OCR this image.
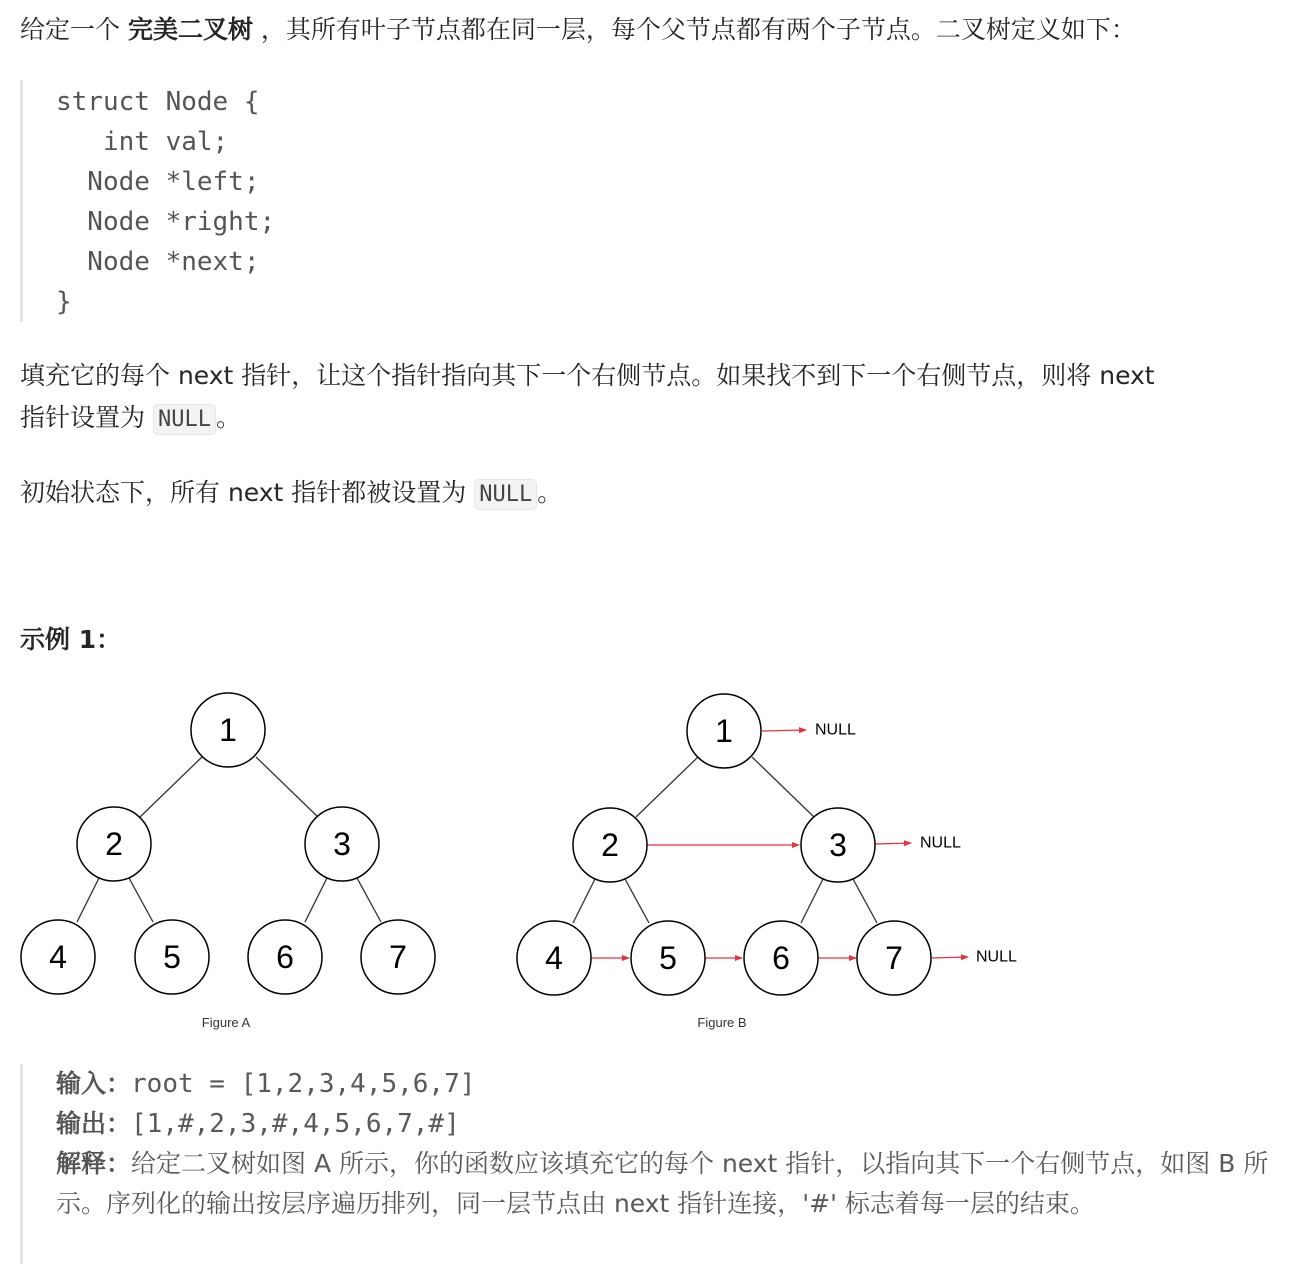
给定一个 完美二叉树 ，其所有叶子节点都在同一层，每个父节点都有两个子节点。二叉树定义如下：

struct Node {
int val;
Node *left;
Node *right;
Node *next;
}

填充它的每个 next 指针，让这个指针指向其下一个右侧节点。如果找不到下一个右侧节点，则将 next

指针设置为 NULL 。

初始状态下，所有 next 指针都被设置为 NULL 。

示例 1：

1
2	3
4	5	6	7
Figure A
1
2	3
4	5	6	7
NULL
NULL
NULL
Figure B
输入：root = [1,2,3,4,5,6,7]
输出：[1,#,2,3,#,4,5,6,7,#]
解释：给定二叉树如图 A 所示，你的函数应该填充它的每个 next 指针，以指向其下一个右侧节点，如图 B 所示。序列化的输出按层序遍历排列，同一层节点由 next 指针连接，'#' 标志着每一层的结束。
